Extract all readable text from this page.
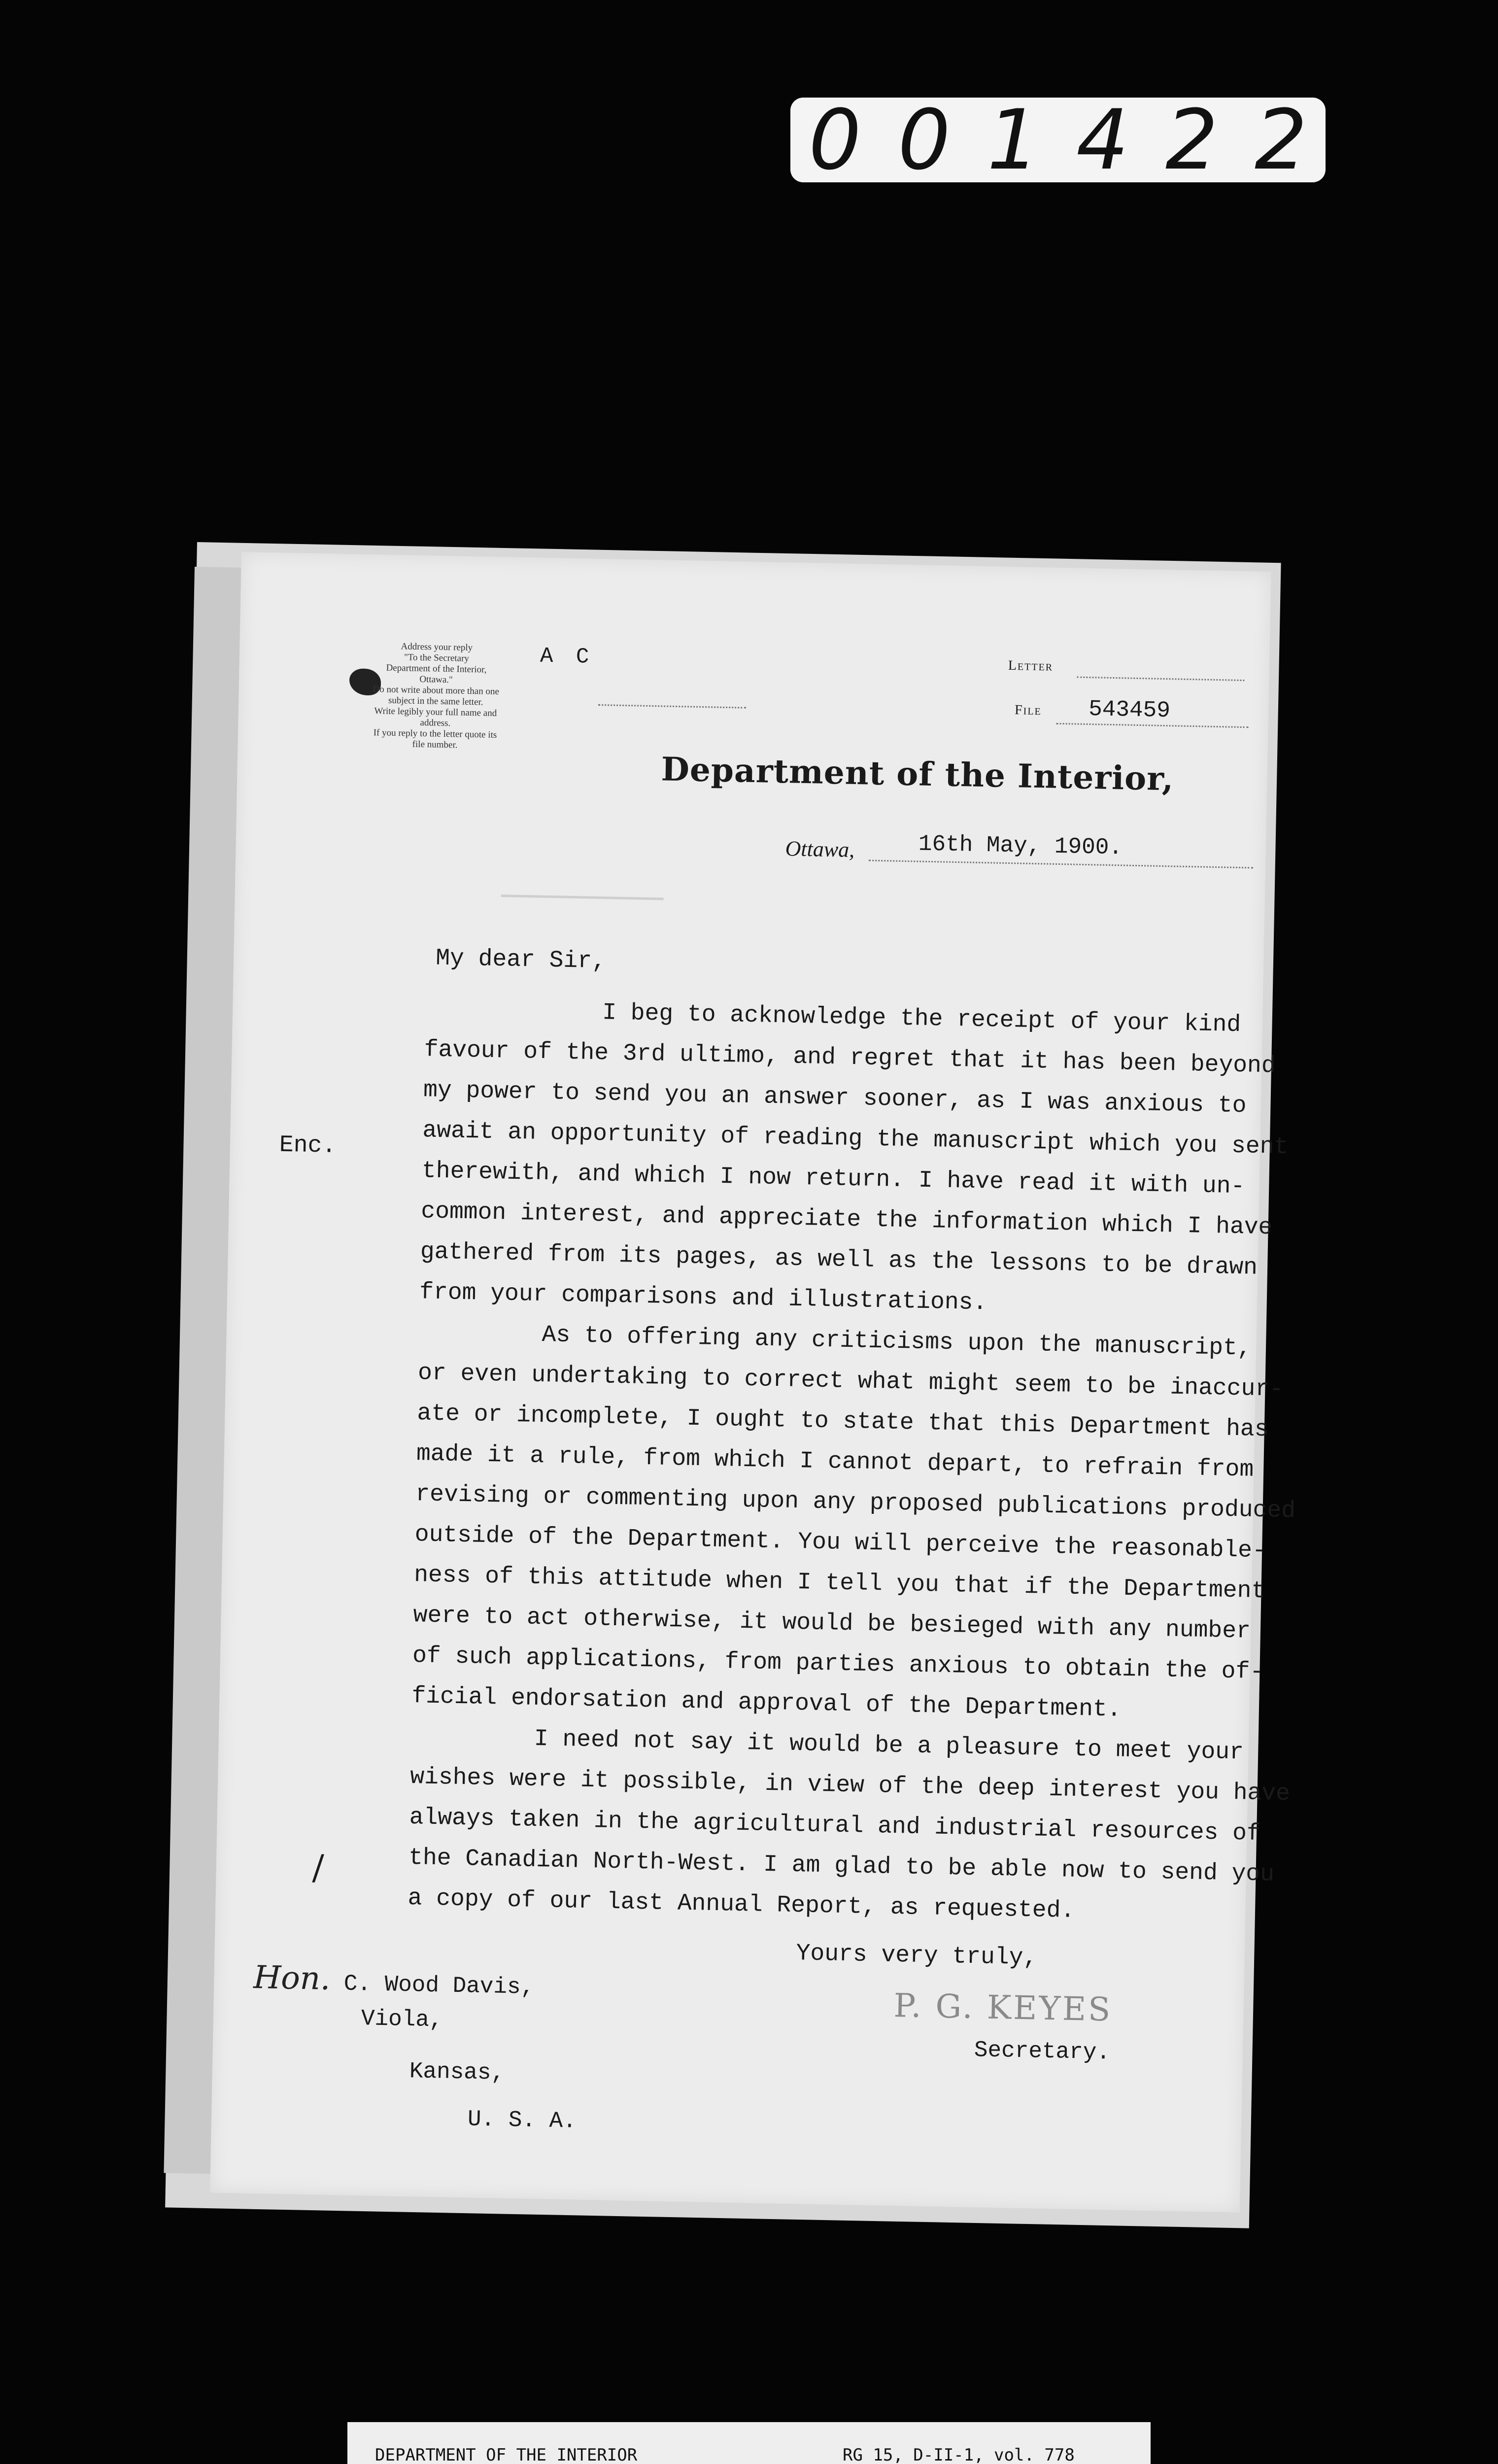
0 0 1 4 2 2
Address your reply
"To the Secretary
Department of the Interior,
Ottawa."
Do not write about more than one
subject in the same letter.
Write legibly your full name and
address.
If you reply to the letter quote its
file number.
A C	Letter
File 543459
Department of the Interior,
Ottawa,	16th May, 1900.
My dear Sir,
I beg to acknowledge the receipt of your kind
favour of the 3rd ultimo, and regret that it has been beyond
my power to send you an answer sooner, as I was anxious to
await an opportunity of reading the manuscript which you sent
therewith, and which I now return. I have read it with un-
common interest, and appreciate the information which I have
gathered from its pages, as well as the lessons to be drawn
from your comparisons and illustrations.
As to offering any criticisms upon the manuscript,
or even undertaking to correct what might seem to be inaccur-
ate or incomplete, I ought to state that this Department has
made it a rule, from which I cannot depart, to refrain from
revising or commenting upon any proposed publications produced
outside of the Department. You will perceive the reasonable-
ness of this attitude when I tell you that if the Department
were to act otherwise, it would be besieged with any number
of such applications, from parties anxious to obtain the of-
ficial endorsation and approval of the Department.
I need not say it would be a pleasure to meet your
wishes were it possible, in view of the deep interest you have
always taken in the agricultural and industrial resources of
the Canadian North-West. I am glad to be able now to send you
a copy of our last Annual Report, as requested.
Enc.
/
Yours very truly,
P. G. KEYES
Secretary.
Hon. C. Wood Davis,
Viola,
Kansas,
U. S. A.
DEPARTMENT OF THE INTERIOR	RG 15, D-II-1, vol. 778
